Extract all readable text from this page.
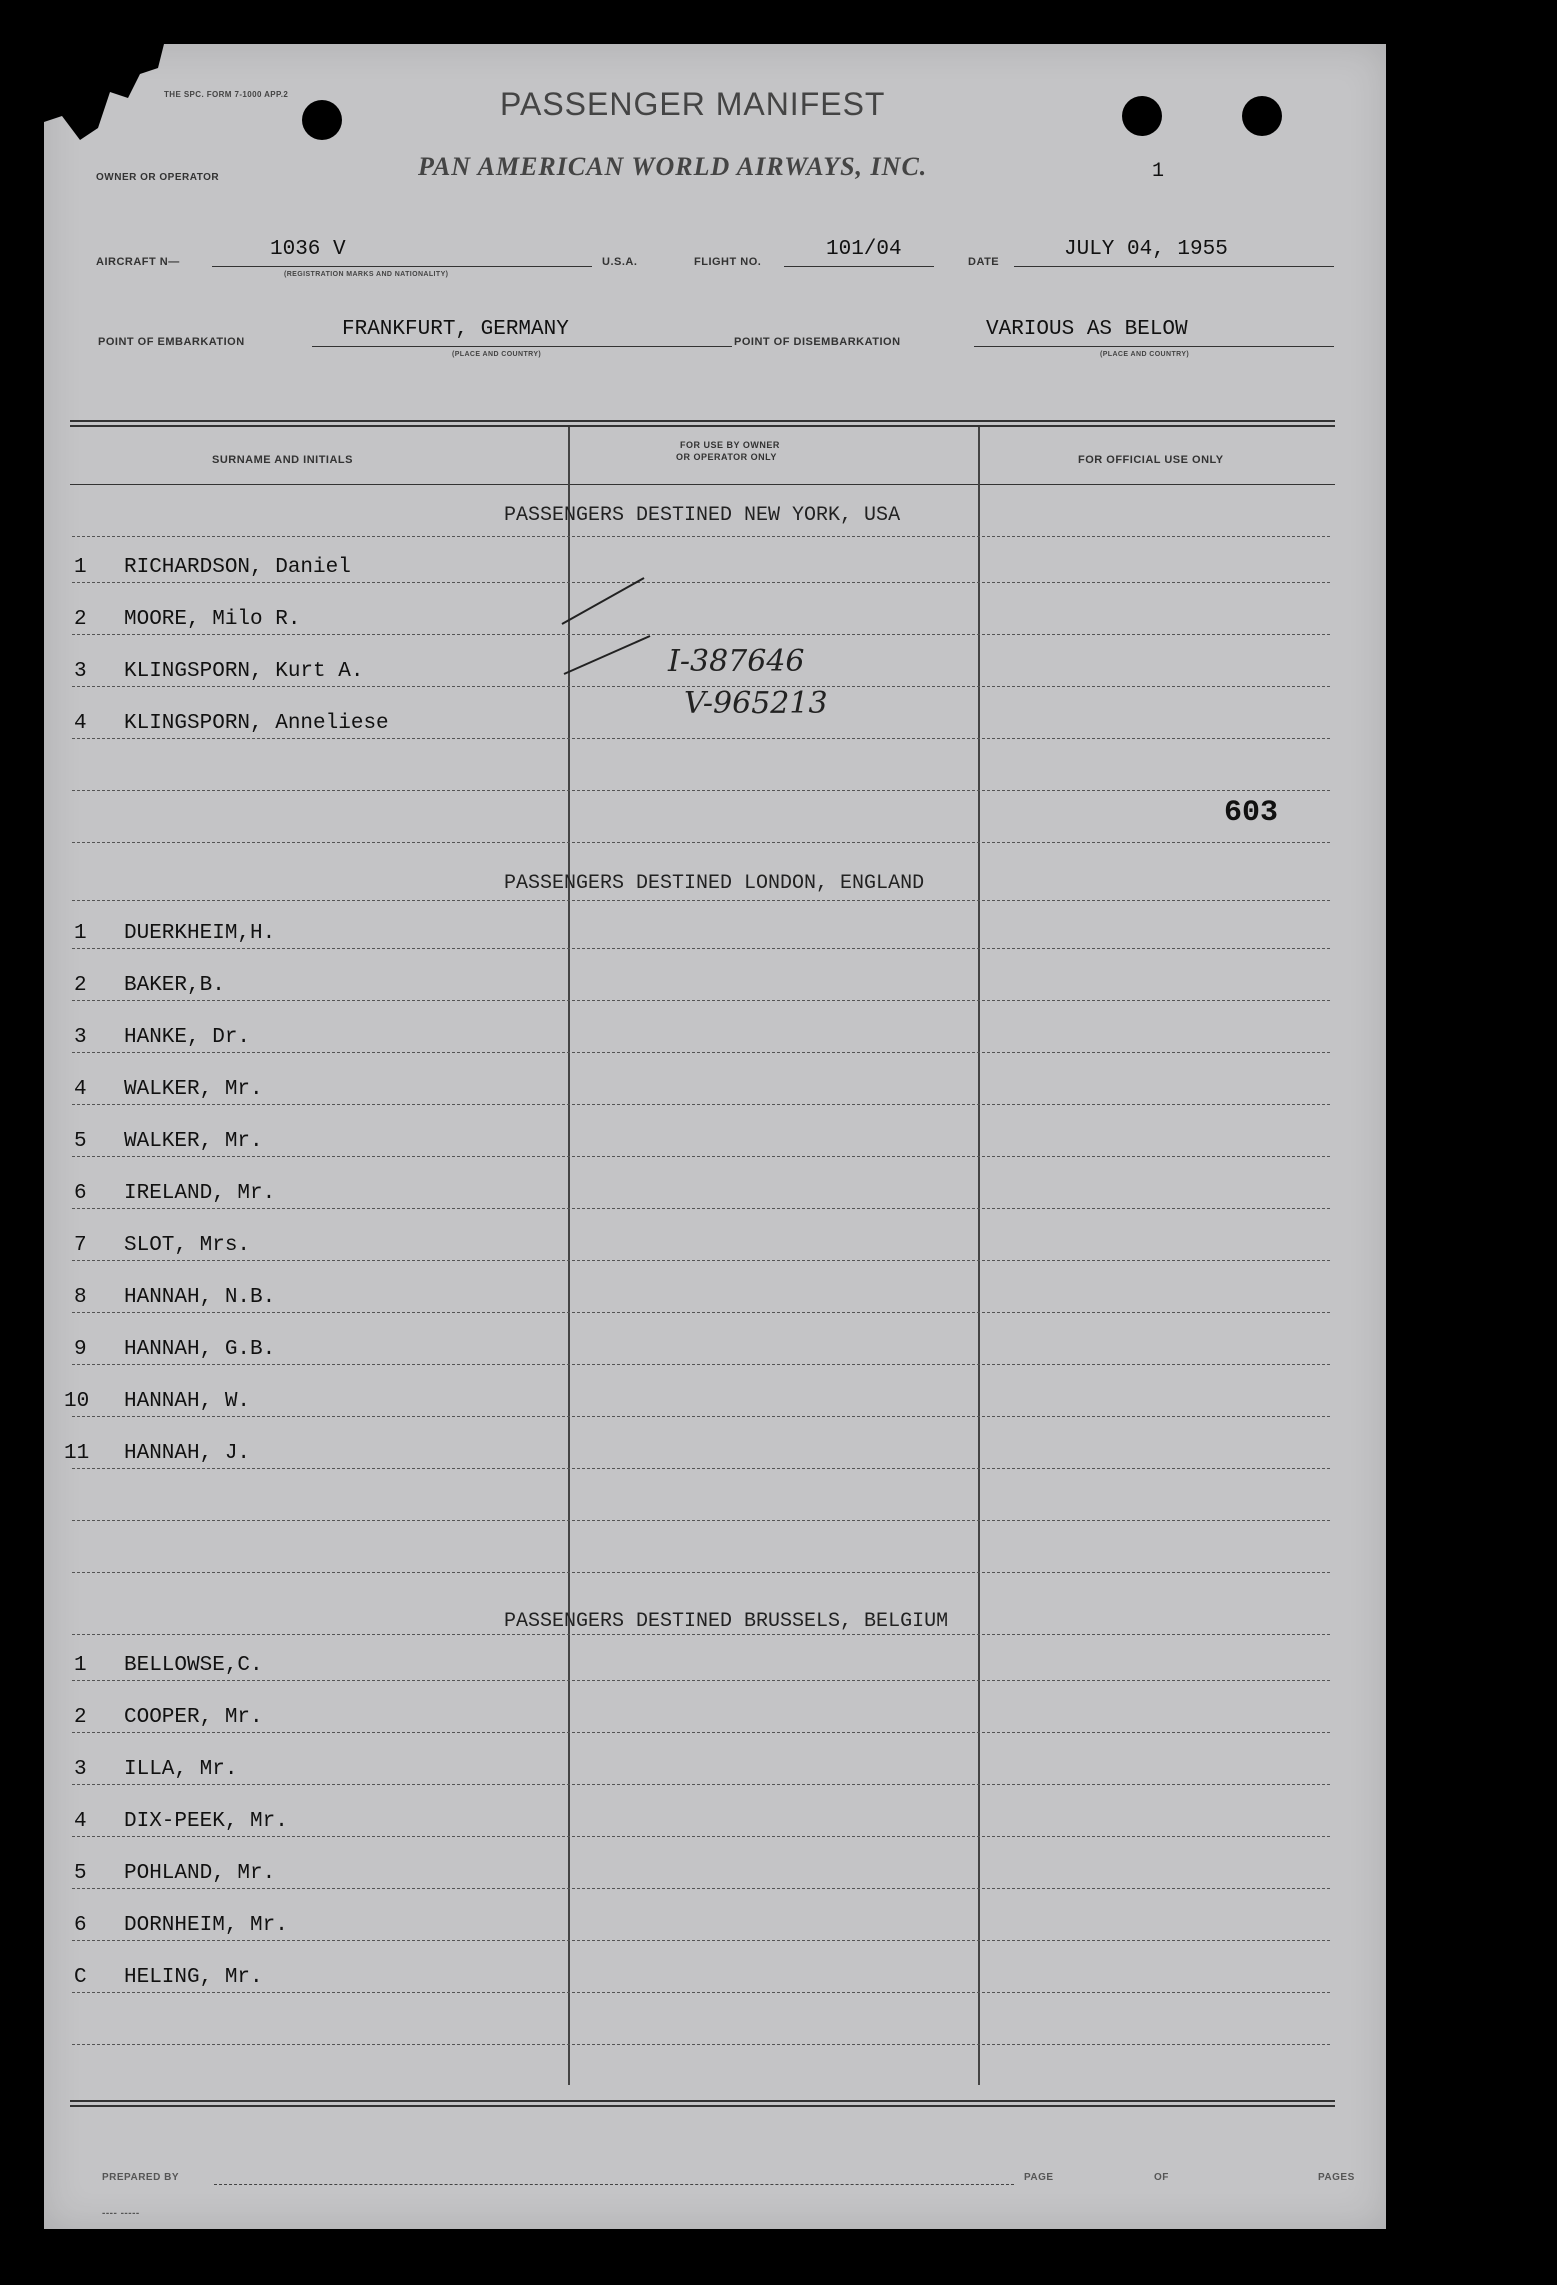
THE SPC. FORM 7-1000 APP.2	PASSENGER MANIFEST
PAN AMERICAN WORLD AIRWAYS, INC.
OWNER OR OPERATOR	1
AIRCRAFT N—
1036 V
(REGISTRATION MARKS AND NATIONALITY)
U.S.A.	FLIGHT NO.
101/04
DATE
JULY 04, 1955
POINT OF EMBARKATION
FRANKFURT, GERMANY
(PLACE AND COUNTRY)
POINT OF DISEMBARKATION
VARIOUS AS BELOW
(PLACE AND COUNTRY)
SURNAME AND INITIALS
FOR USE BY OWNER
OR OPERATOR ONLY	FOR OFFICIAL USE ONLY
PASSENGERS DESTINED NEW YORK, USA
1 RICHARDSON, Daniel
2 MOORE, Milo R.
3 KLINGSPORN, Kurt A.
4 KLINGSPORN, Anneliese
I-387646
V-965213
603
PASSENGERS DESTINED LONDON, ENGLAND
1 DUERKHEIM,H.
2 BAKER,B.
3 HANKE, Dr.
4 WALKER, Mr.
5 WALKER, Mr.
6 IRELAND, Mr.
7 SLOT, Mrs.
8 HANNAH, N.B.
9 HANNAH, G.B.
10 HANNAH, W.
11 HANNAH, J.
PASSENGERS DESTINED BRUSSELS, BELGIUM
1 BELLOWSE,C.
2 COOPER, Mr.
3 ILLA, Mr.
4 DIX-PEEK, Mr.
5 POHLAND, Mr.
6 DORNHEIM, Mr.
C HELING, Mr.
PREPARED BY	PAGE	OF	PAGES
---- -----
